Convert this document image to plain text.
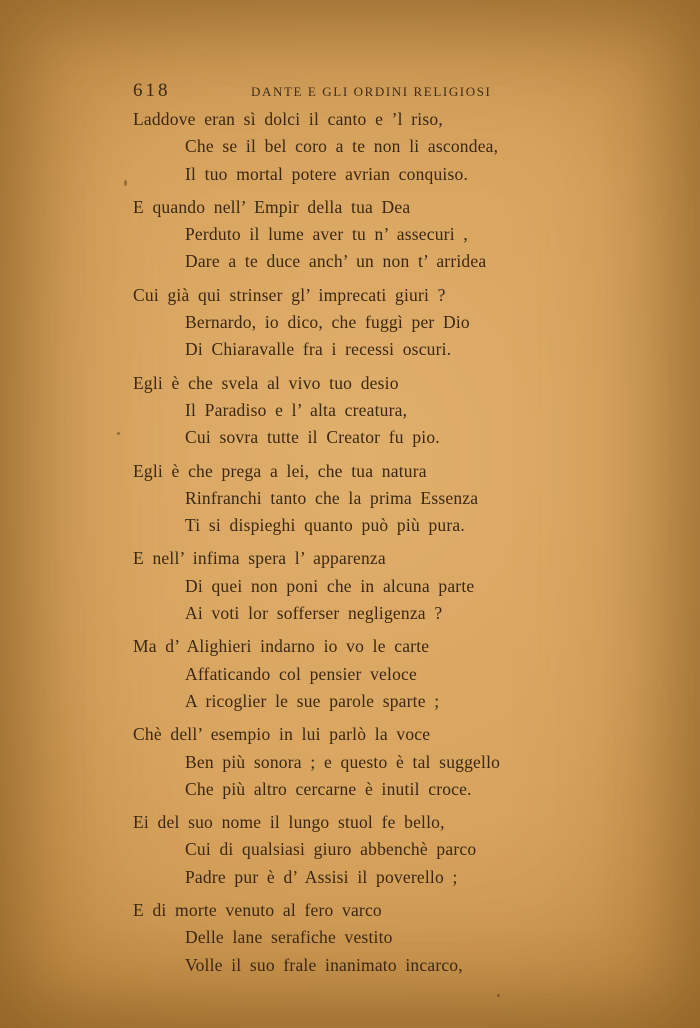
618	DANTE E GLI ORDINI RELIGIOSI
Laddove eran sì dolci il canto e ’l riso,
Che se il bel coro a te non li ascondea,
Il tuo mortal potere avrian conquiso.
E quando nell’ Empir della tua Dea
Perduto il lume aver tu n’ assecuri ,
Dare a te duce anch’ un non t’ arridea
Cui già qui strinser gl’ imprecati giuri ?
Bernardo, io dico, che fuggì per Dio
Di Chiaravalle fra i recessi oscuri.
Egli è che svela al vivo tuo desio
Il Paradiso e l’ alta creatura,
Cui sovra tutte il Creator fu pio.
Egli è che prega a lei, che tua natura
Rinfranchi tanto che la prima Essenza
Ti si dispieghi quanto può più pura.
E nell’ infima spera l’ apparenza
Di quei non poni che in alcuna parte
Ai voti lor sofferser negligenza ?
Ma d’ Alighieri indarno io vo le carte
Affaticando col pensier veloce
A ricoglier le sue parole sparte ;
Chè dell’ esempio in lui parlò la voce
Ben più sonora ; e questo è tal suggello
Che più altro cercarne è inutil croce.
Ei del suo nome il lungo stuol fe bello,
Cui di qualsiasi giuro abbenchè parco
Padre pur è d’ Assisi il poverello ;
E di morte venuto al fero varco
Delle lane serafiche vestito
Volle il suo frale inanimato incarco,
